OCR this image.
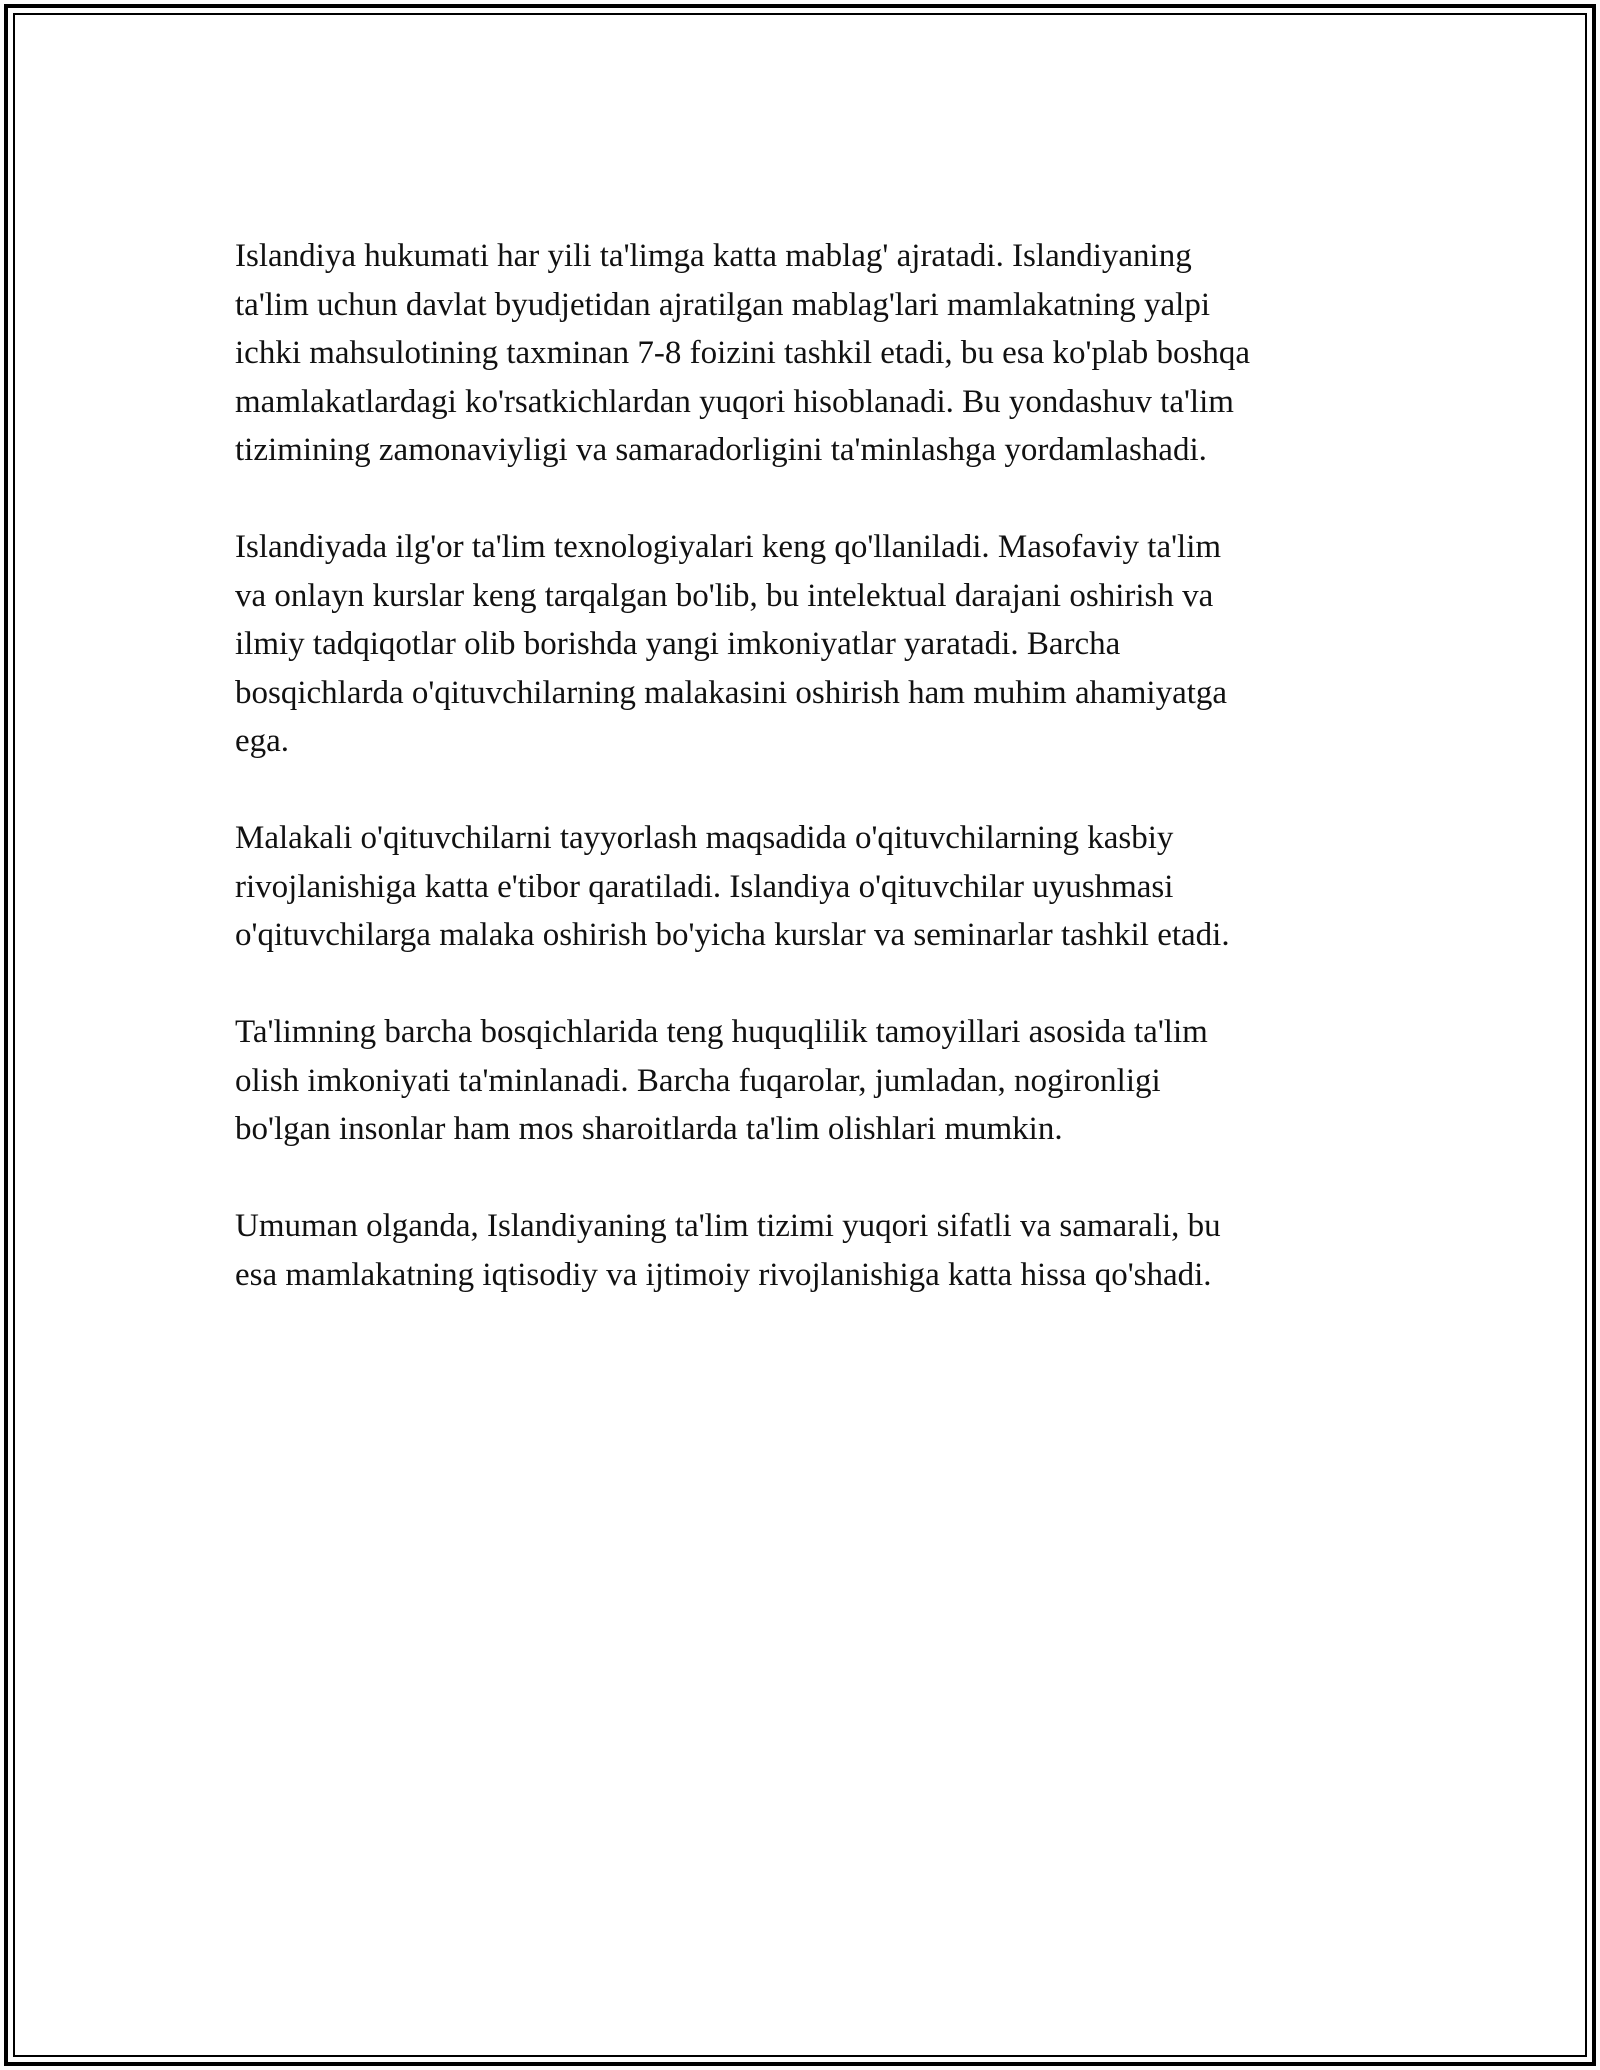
Islandiya hukumati har yili ta'limga katta mablag' ajratadi. Islandiyaning
ta'lim uchun davlat byudjetidan ajratilgan mablag'lari mamlakatning yalpi
ichki mahsulotining taxminan 7-8 foizini tashkil etadi, bu esa ko'plab boshqa
mamlakatlardagi ko'rsatkichlardan yuqori hisoblanadi. Bu yondashuv ta'lim
tizimining zamonaviyligi va samaradorligini ta'minlashga yordamlashadi.

Islandiyada ilg'or ta'lim texnologiyalari keng qo'llaniladi. Masofaviy ta'lim
va onlayn kurslar keng tarqalgan bo'lib, bu intelektual darajani oshirish va
ilmiy tadqiqotlar olib borishda yangi imkoniyatlar yaratadi. Barcha
bosqichlarda o'qituvchilarning malakasini oshirish ham muhim ahamiyatga
ega.

Malakali o'qituvchilarni tayyorlash maqsadida o'qituvchilarning kasbiy
rivojlanishiga katta e'tibor qaratiladi. Islandiya o'qituvchilar uyushmasi
o'qituvchilarga malaka oshirish bo'yicha kurslar va seminarlar tashkil etadi.

Ta'limning barcha bosqichlarida teng huquqlilik tamoyillari asosida ta'lim
olish imkoniyati ta'minlanadi. Barcha fuqarolar, jumladan, nogironligi
bo'lgan insonlar ham mos sharoitlarda ta'lim olishlari mumkin.

Umuman olganda, Islandiyaning ta'lim tizimi yuqori sifatli va samarali, bu
esa mamlakatning iqtisodiy va ijtimoiy rivojlanishiga katta hissa qo'shadi.
